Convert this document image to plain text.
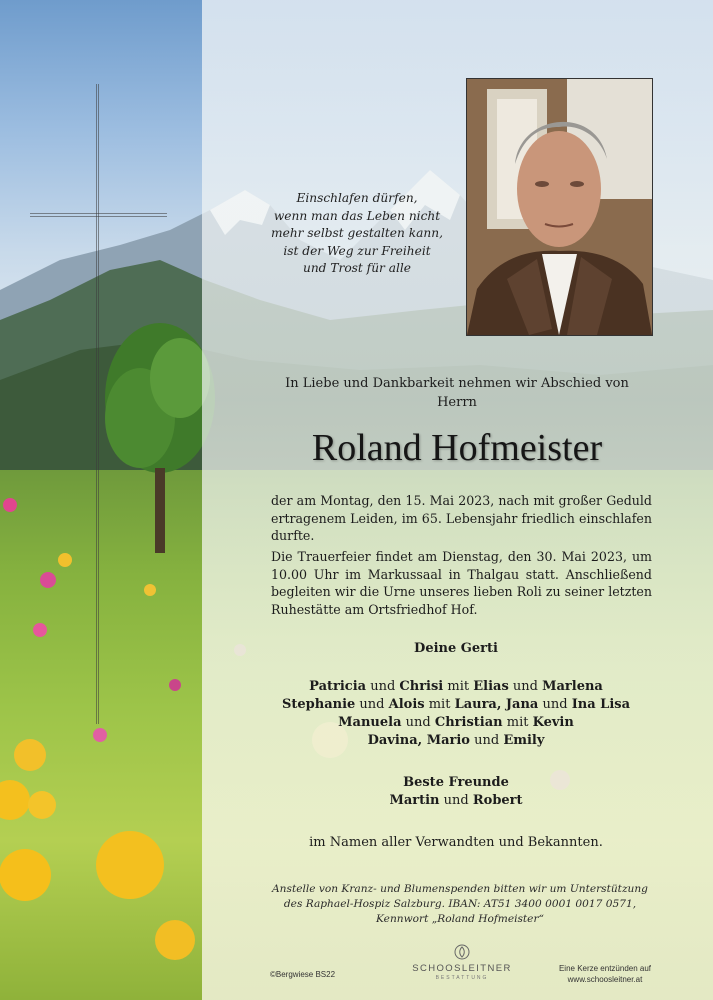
Einschlafen dürfen,
wenn man das Leben nicht
mehr selbst gestalten kann,
ist der Weg zur Freiheit
und Trost für alle
In Liebe und Dankbarkeit nehmen wir Abschied von
Herrn
Roland Hofmeister
der am Montag, den 15. Mai 2023, nach mit großer Geduld ertragenem Leiden, im 65. Lebensjahr friedlich einschlafen durfte.
Die Trauerfeier findet am Dienstag, den 30. Mai 2023, um 10.00 Uhr im Markussaal in Thalgau statt. Anschließend begleiten wir die Urne unseres lieben Roli zu seiner letzten Ruhestätte am Ortsfriedhof Hof.
Deine Gerti
Patricia und Chrisi mit Elias und Marlena
Stephanie und Alois mit Laura, Jana und Ina Lisa
Manuela und Christian mit Kevin
Davina, Mario und Emily
Beste Freunde
Martin und Robert
im Namen aller Verwandten und Bekannten.
Anstelle von Kranz- und Blumenspenden bitten wir um Unterstützung
des Raphael-Hospiz Salzburg. IBAN: AT51 3400 0001 0017 0571,
Kennwort „Roland Hofmeister“
©Bergwiese BS22
SCHOOSLEITNER
BESTATTUNG
Eine Kerze entzünden auf
www.schoosleitner.at
